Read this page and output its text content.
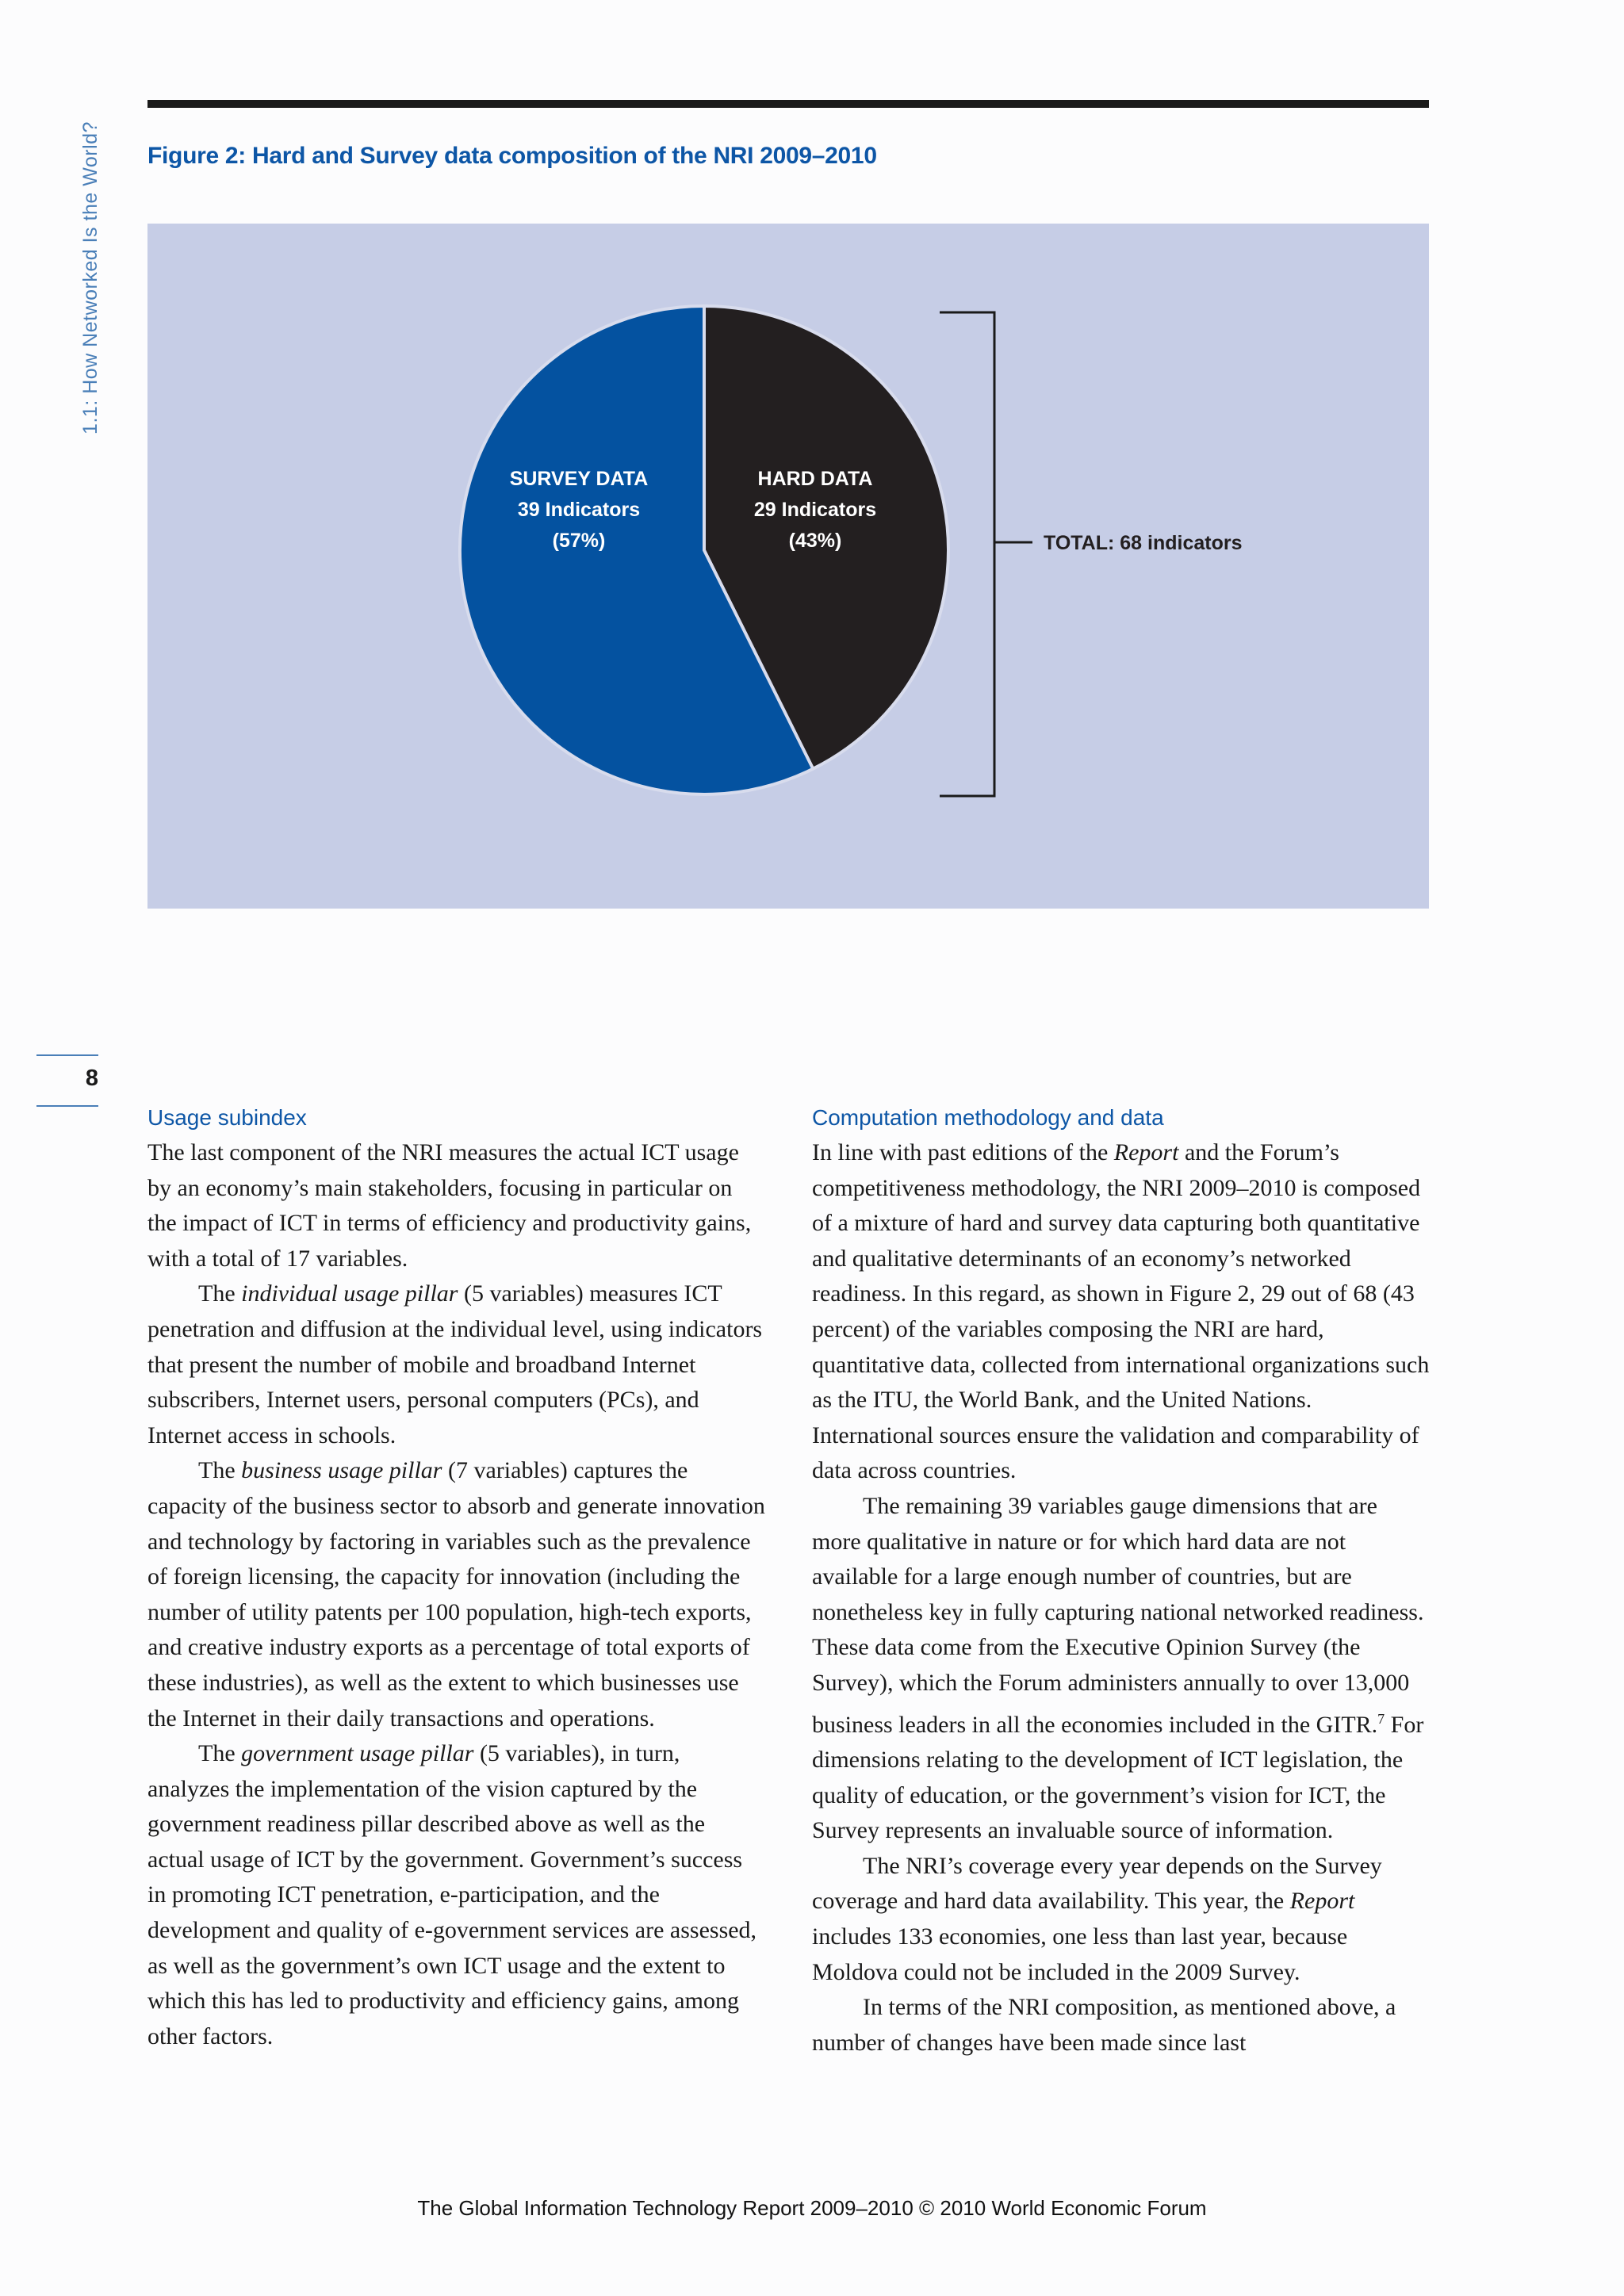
1.1: How Networked Is the World? Figure 2: Hard and Survey data composition of the NRI 2009–2010
HARD DATA
29 Indicators
(43%)
SURVEY DATA
39 Indicators
(57%)	TOTAL: 68 indicators
8
Usage subindex

The last component of the NRI measures the actual ICT usage by an economy’s main stakeholders, focusing in particular on the impact of ICT in terms of efficiency and productivity gains, with a total of 17 variables.

The individual usage pillar (5 variables) measures ICT penetration and diffusion at the individual level, using indicators that present the number of mobile and broadband Internet subscribers, Internet users, personal computers (PCs), and Internet access in schools.

The business usage pillar (7 variables) captures the capacity of the business sector to absorb and generate innovation and technology by factoring in variables such as the prevalence of foreign licensing, the capacity for innovation (including the number of utility patents per 100 population, high-tech exports, and creative industry exports as a percentage of total exports of these industries), as well as the extent to which businesses use the Internet in their daily transactions and operations.

The government usage pillar (5 variables), in turn, analyzes the implementation of the vision captured by the government readiness pillar described above as well as the actual usage of ICT by the government. Government’s success in promoting ICT penetration, e-participation, and the development and quality of e-government services are assessed, as well as the government’s own ICT usage and the extent to which this has led to productivity and efficiency gains, among other factors.

Computation methodology and data

In line with past editions of the Report and the Forum’s competitiveness methodology, the NRI 2009–2010 is composed of a mixture of hard and survey data capturing both quantitative and qualitative determinants of an economy’s networked readiness. In this regard, as shown in Figure 2, 29 out of 68 (43 percent) of the variables composing the NRI are hard, quantitative data, collected from international organizations such as the ITU, the World Bank, and the United Nations. International sources ensure the validation and comparability of data across countries.

The remaining 39 variables gauge dimensions that are more qualitative in nature or for which hard data are not available for a large enough number of countries, but are nonetheless key in fully capturing national networked readiness. These data come from the Executive Opinion Survey (the Survey), which the Forum administers annually to over 13,000 business leaders in all the economies included in the GITR.$^7$ For dimensions relating to the development of ICT legislation, the quality of education, or the government’s vision for ICT, the Survey represents an invaluable source of information.

The NRI’s coverage every year depends on the Survey coverage and hard data availability. This year, the Report includes 133 economies, one less than last year, because Moldova could not be included in the 2009 Survey.

In terms of the NRI composition, as mentioned above, a number of changes have been made since last

The Global Information Technology Report 2009–2010 © 2010 World Economic Forum
